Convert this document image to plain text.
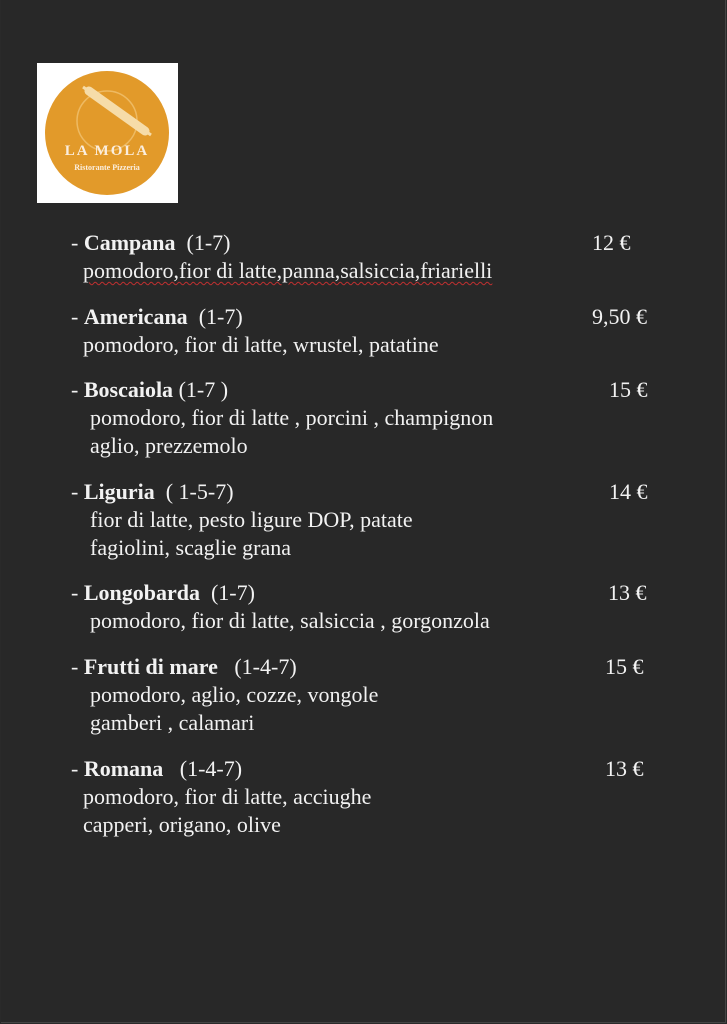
LA MOLA
Ristorante Pizzeria
- Campana (1-7)	12 €
pomodoro,fior di latte,panna,salsiccia,friarielli
- Americana (1-7)	9,50 €
pomodoro, fior di latte, wrustel, patatine
- Boscaiola (1-7 )	15 €
pomodoro, fior di latte , porcini , champignon
aglio, prezzemolo
- Liguria ( 1-5-7)	14 €
fior di latte, pesto ligure DOP, patate
fagiolini, scaglie grana
- Longobarda (1-7)	13 €
pomodoro, fior di latte, salsiccia , gorgonzola
- Frutti di mare (1-4-7)	15 €
pomodoro, aglio, cozze, vongole
gamberi , calamari
- Romana (1-4-7)	13 €
pomodoro, fior di latte, acciughe
capperi, origano, olive
